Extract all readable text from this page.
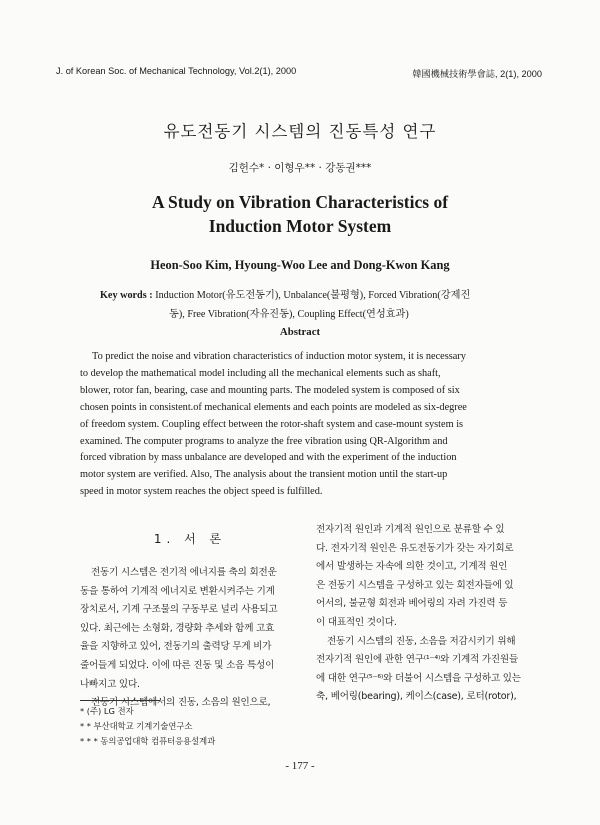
J. of Korean Soc. of Mechanical Technology, Vol.2(1), 2000	韓國機械技術學會誌, 2(1), 2000
유도전동기 시스템의 진동특성 연구
김헌수* · 이형우** · 강동권***
A Study on Vibration Characteristics of
Induction Motor System
Heon-Soo Kim, Hyoung-Woo Lee and Dong-Kwon Kang
Key words : Induction Motor(유도전동기), Unbalance(불평형), Forced Vibration(강제진
동), Free Vibration(자유진동), Coupling Effect(연성효과)
Abstract
To predict the noise and vibration characteristics of induction motor system, it is necessary
to develop the mathematical model including all the mechanical elements such as shaft,
blower, rotor fan, bearing, case and mounting parts. The modeled system is composed of six
chosen points in consistent.of mechanical elements and each points are modeled as six-degree
of freedom system. Coupling effect between the rotor-shaft system and case-mount system is
examined. The computer programs to analyze the free vibration using QR-Algorithm and
forced vibration by mass unbalance are developed and with the experiment of the induction
motor system are verified. Also, The analysis about the transient motion until the start-up
speed in motor system reaches the object speed is fulfilled.
1. 서 론
전동기 시스템은 전기적 에너지를 축의 회전운
동을 통하여 기계적 에너지로 변환시켜주는 기계
장치로서, 기계 구조물의 구동부로 널리 사용되고
있다. 최근에는 소형화, 경량화 추세와 함께 고효
율을 지향하고 있어, 전동기의 출력당 무게 비가
줄어들게 되었다. 이에 따른 진동 및 소음 특성이
나빠지고 있다.
전동기 시스템에서의 진동, 소음의 원인으로,
전자기적 원인과 기계적 원인으로 분류할 수 있
다. 전자기적 원인은 유도전동기가 갖는 자기회로
에서 발생하는 자속에 의한 것이고, 기계적 원인
은 전동기 시스템을 구성하고 있는 회전자들에 있
어서의, 불균형 회전과 베어링의 자려 가진력 등
이 대표적인 것이다.
전동기 시스템의 진동, 소음을 저감시키기 위해
전자기적 원인에 관한 연구⁽¹⁻⁴⁾와 기계적 가진원들
에 대한 연구⁽⁵⁻⁶⁾와 더불어 시스템을 구성하고 있는
축, 베어링(bearing), 케이스(case), 로터(rotor),
* (주) LG 전자
* * 부산대학교 기계기술연구소
* * * 동의공업대학 컴퓨터응용설계과
- 177 -
